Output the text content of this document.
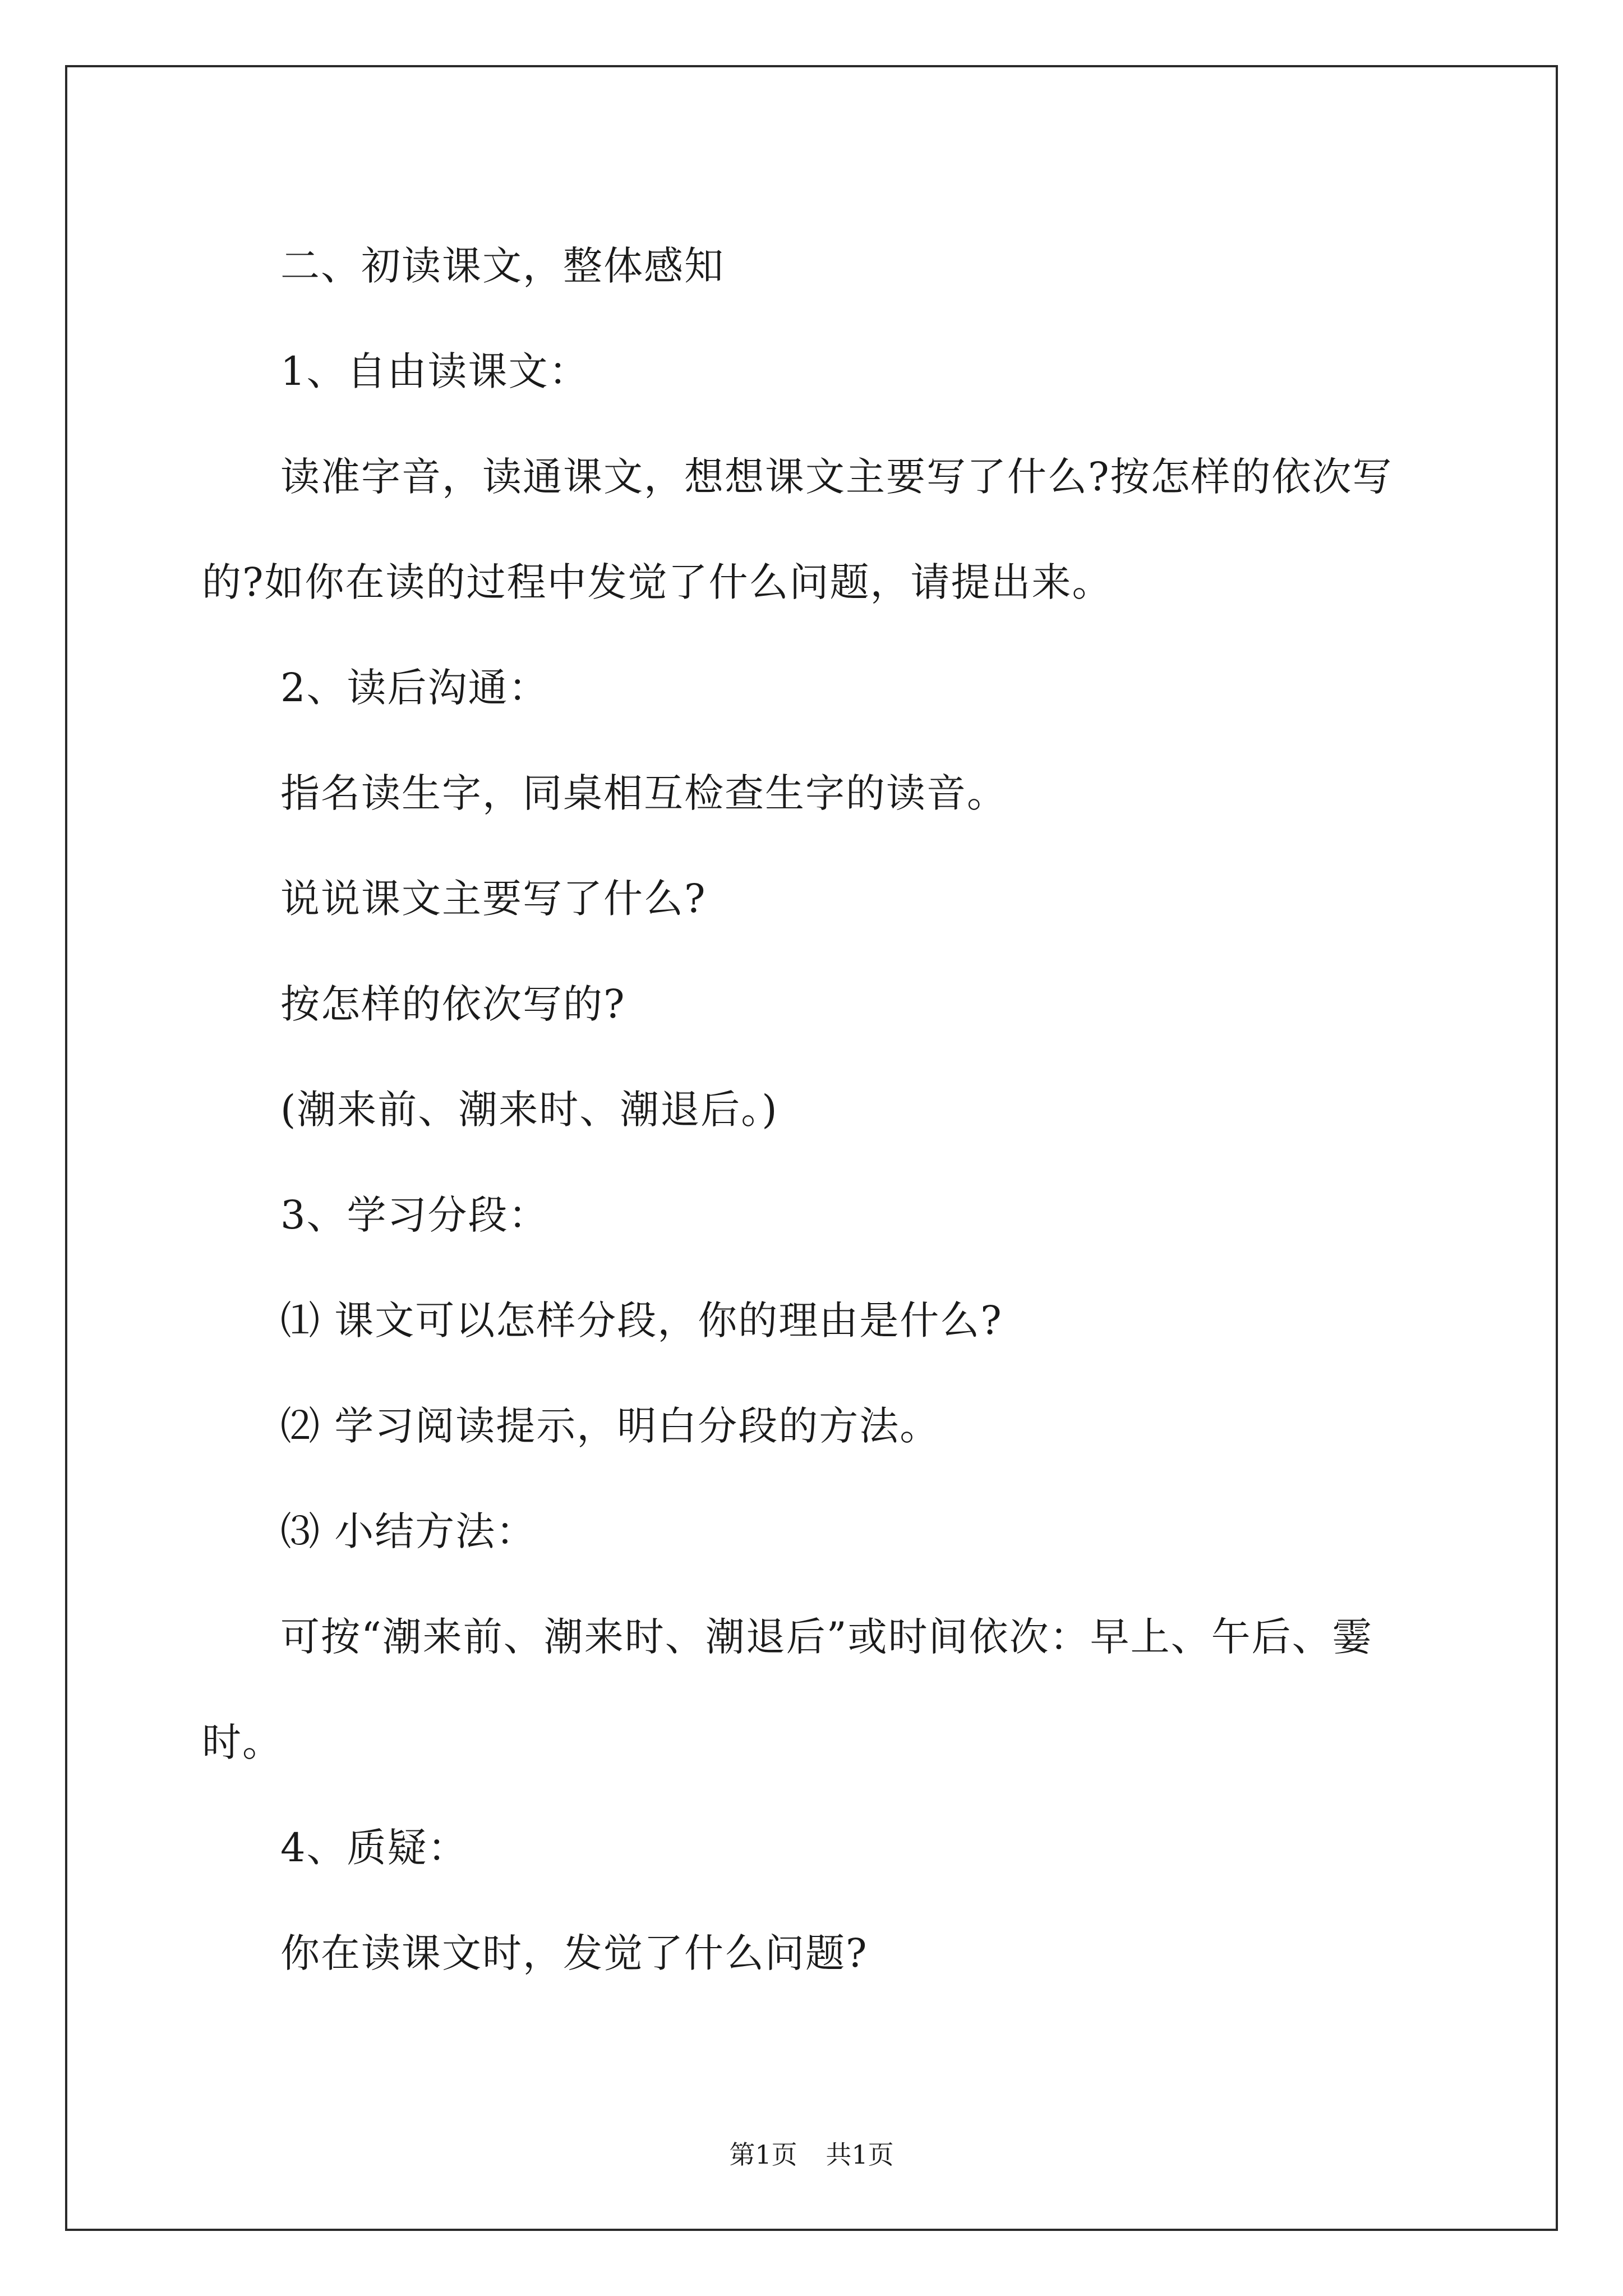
二、初读课文，整体感知

1、自由读课文：

读准字音，读通课文，想想课文主要写了什么?按怎样的依次写的?如你在读的过程中发觉了什么问题，请提出来。

2、读后沟通：

指名读生字，同桌相互检查生字的读音。

说说课文主要写了什么?

按怎样的依次写的?

(潮来前、潮来时、潮退后。)

3、学习分段：

⑴ 课文可以怎样分段，你的理由是什么?

⑵ 学习阅读提示，明白分段的方法。

⑶ 小结方法：

可按“潮来前、潮来时、潮退后”或时间依次：早上、午后、霎时。

4、质疑：

你在读课文时，发觉了什么问题?

第1页 共1页
